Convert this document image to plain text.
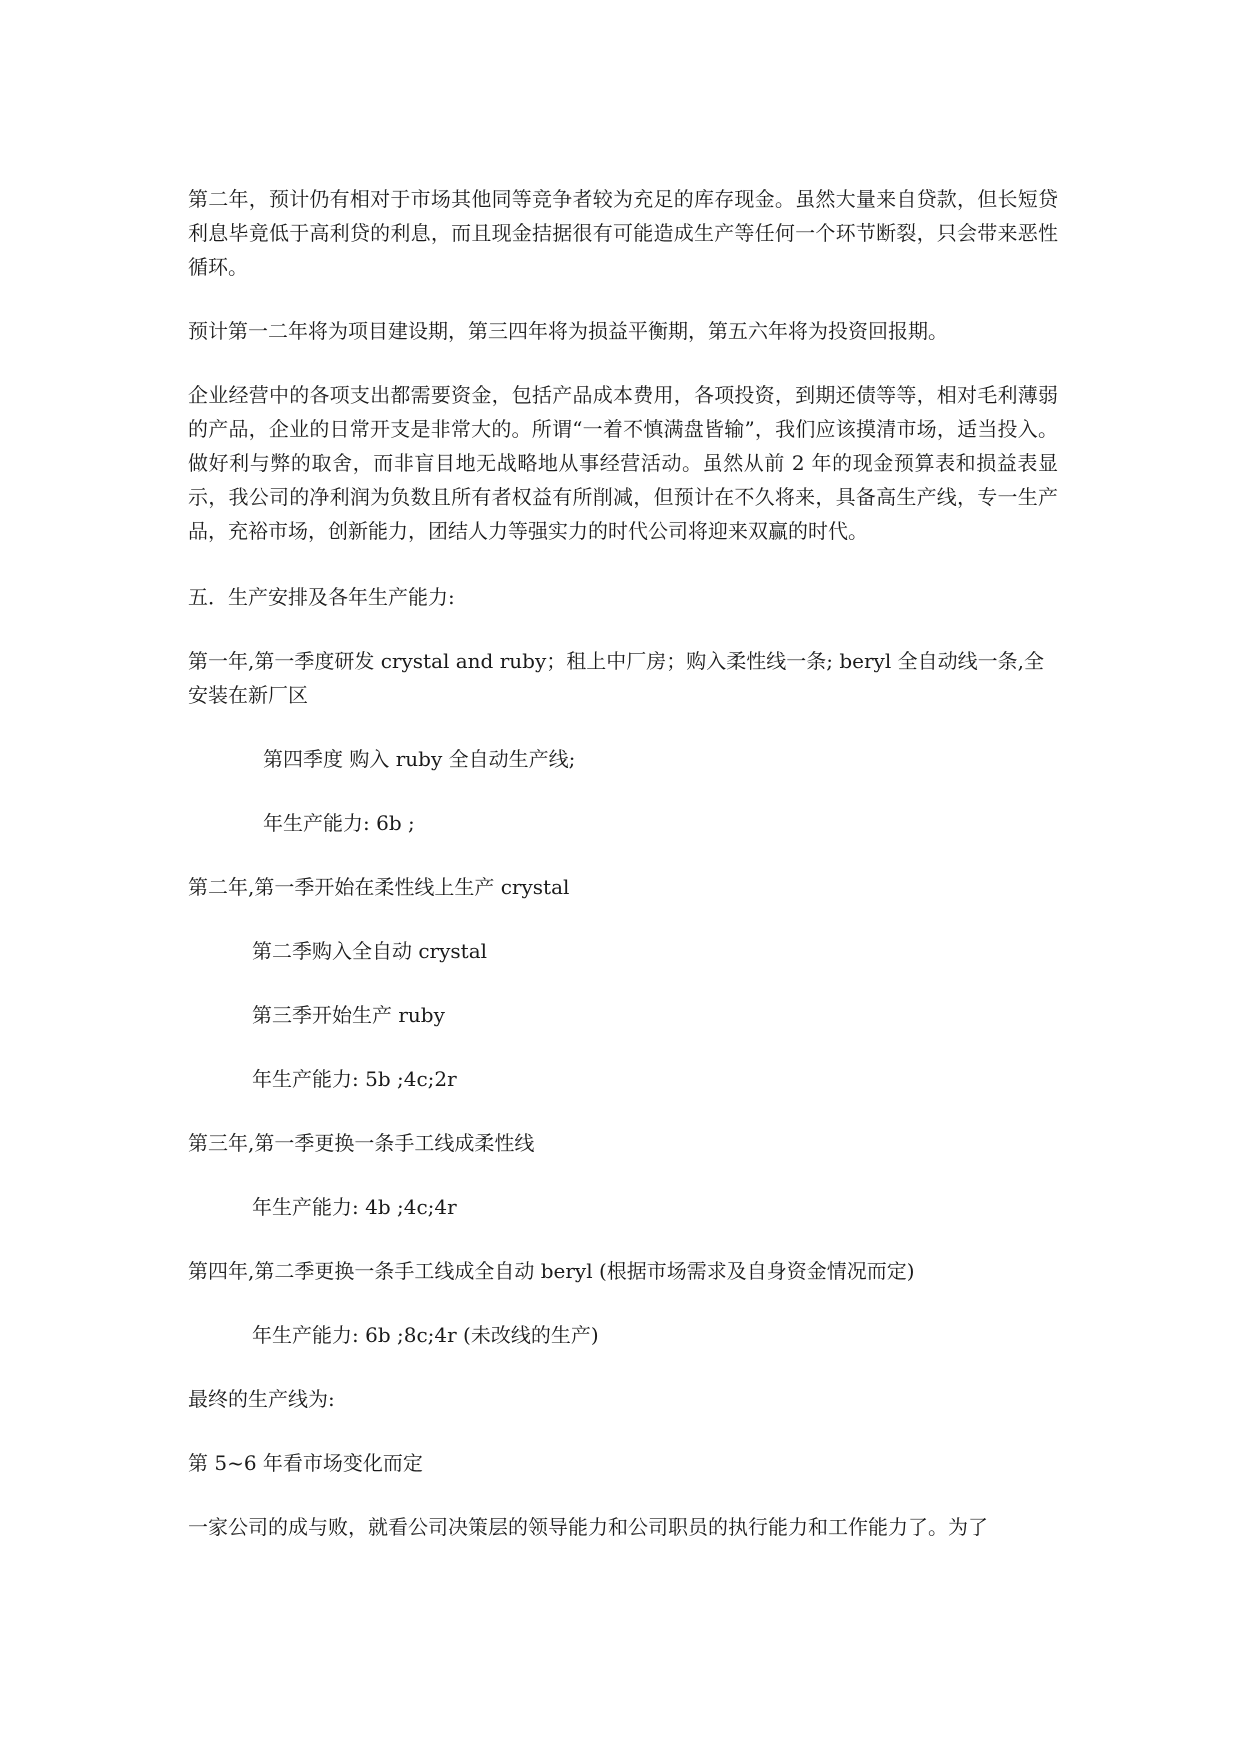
第二年，预计仍有相对于市场其他同等竞争者较为充足的库存现金。虽然大量来自贷款，但长短贷利息毕竟低于高利贷的利息，而且现金拮据很有可能造成生产等任何一个环节断裂，只会带来恶性循环。

预计第一二年将为项目建设期，第三四年将为损益平衡期，第五六年将为投资回报期。

企业经营中的各项支出都需要资金，包括产品成本费用，各项投资，到期还债等等，相对毛利薄弱的产品，企业的日常开支是非常大的。所谓“一着不慎满盘皆输”，我们应该摸清市场，适当投入。做好利与弊的取舍，而非盲目地无战略地从事经营活动。虽然从前 2 年的现金预算表和损益表显示，我公司的净利润为负数且所有者权益有所削减，但预计在不久将来，具备高生产线，专一生产品，充裕市场，创新能力，团结人力等强实力的时代公司将迎来双赢的时代。

五．生产安排及各年生产能力:

第一年,第一季度研发 crystal and ruby；租上中厂房；购入柔性线一条; beryl 全自动线一条,全

安装在新厂区

第四季度 购入 ruby 全自动生产线;

年生产能力: 6b ;

第二年,第一季开始在柔性线上生产 crystal

第二季购入全自动 crystal

第三季开始生产 ruby

年生产能力: 5b ;4c;2r

第三年,第一季更换一条手工线成柔性线

年生产能力: 4b ;4c;4r

第四年,第二季更换一条手工线成全自动 beryl (根据市场需求及自身资金情况而定)

年生产能力: 6b ;8c;4r (未改线的生产)

最终的生产线为:

第 5~6 年看市场变化而定

一家公司的成与败，就看公司决策层的领导能力和公司职员的执行能力和工作能力了。为了
